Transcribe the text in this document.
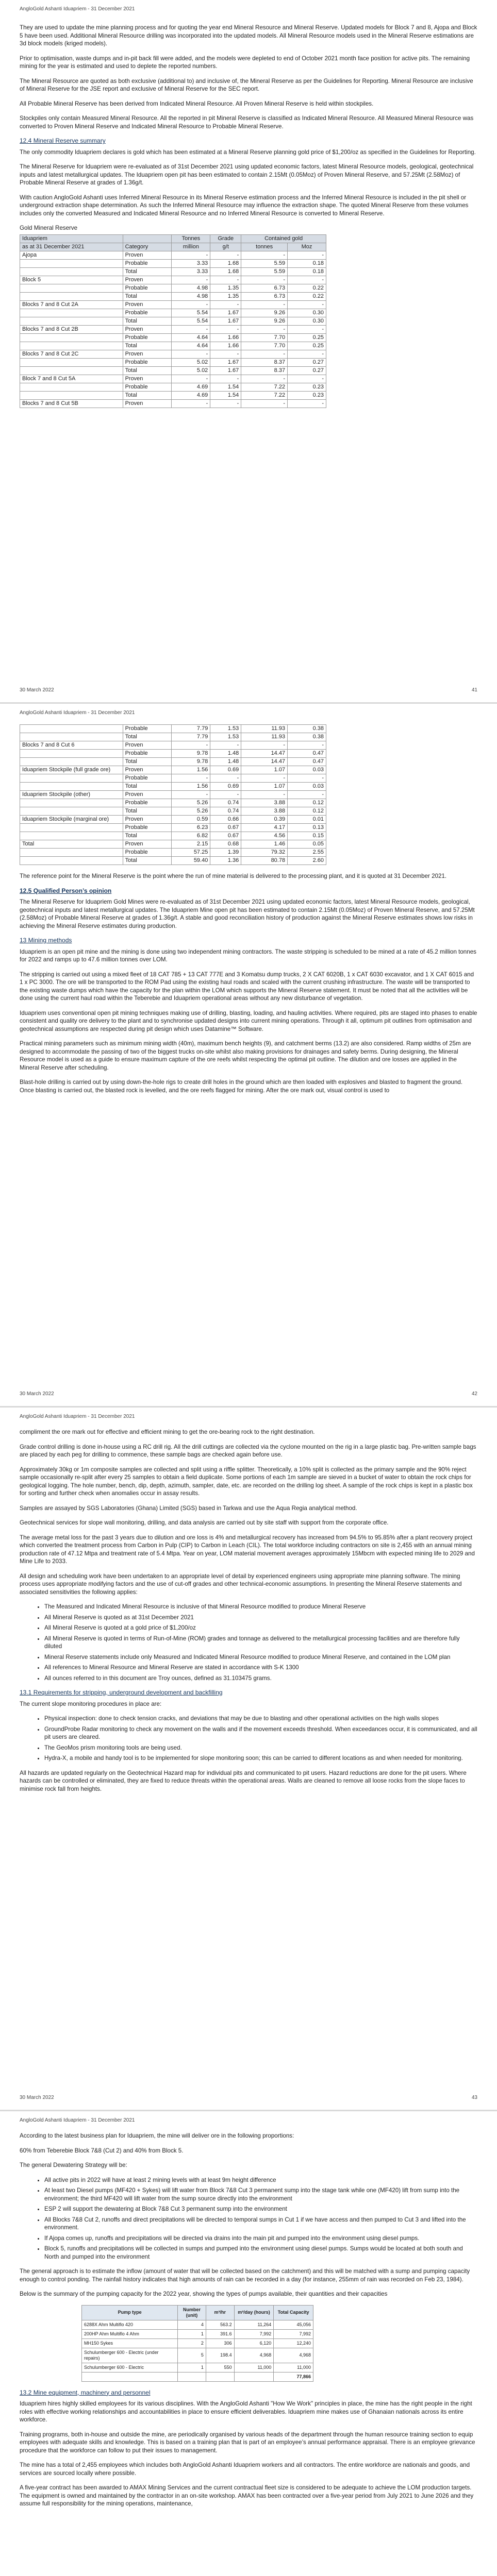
AngloGold Ashanti Iduapriem - 31 December 2021

They are used to update the mine planning process and for quoting the year end Mineral Resource and Mineral Reserve. Updated models for Block 7 and 8, Ajopa and Block 5 have been used. Additional Mineral Resource drilling was incorporated into the updated models. All Mineral Resource models used in the Mineral Reserve estimations are 3d block models (kriged models).

Prior to optimisation, waste dumps and in-pit back fill were added, and the models were depleted to end of October 2021 month face position for active pits. The remaining mining for the year is estimated and used to deplete the reported numbers.

The Mineral Resource are quoted as both exclusive (additional to) and inclusive of, the Mineral Reserve as per the Guidelines for Reporting. Mineral Resource are inclusive of Mineral Reserve for the JSE report and exclusive of Mineral Reserve for the SEC report.

All Probable Mineral Reserve has been derived from Indicated Mineral Resource. All Proven Mineral Reserve is held within stockpiles.

Stockpiles only contain Measured Mineral Resource. All the reported in pit Mineral Reserve is classified as Indicated Mineral Resource. All Measured Mineral Resource was converted to Proven Mineral Reserve and Indicated Mineral Resource to Probable Mineral Reserve.

12.4 Mineral Reserve summary

The only commodity Iduapriem declares is gold which has been estimated at a Mineral Reserve planning gold price of $1,200/oz as specified in the Guidelines for Reporting.

The Mineral Reserve for Iduapriem were re-evaluated as of 31st December 2021 using updated economic factors, latest Mineral Resource models, geological, geotechnical inputs and latest metallurgical updates. The Iduapriem open pit has been estimated to contain 2.15Mt (0.05Moz) of Proven Mineral Reserve, and 57.25Mt (2.58Moz) of Probable Mineral Reserve at grades of 1.36g/t.

With caution AngloGold Ashanti uses Inferred Mineral Resource in its Mineral Reserve estimation process and the Inferred Mineral Resource is included in the pit shell or underground extraction shape determination. As such the Inferred Mineral Resource may influence the extraction shape. The quoted Mineral Reserve from these volumes includes only the converted Measured and Indicated Mineral Resource and no Inferred Mineral Resource is converted to Mineral Reserve.

Gold Mineral Reserve

Iduapriem		Tonnes	Grade	Contained gold	
as at 31 December 2021	Category	million	g/t	tonnes	Moz
Ajopa	Proven	-	-	-	-
	Probable	3.33	1.68	5.59	0.18
	Total	3.33	1.68	5.59	0.18
Block 5	Proven	-	-	-	-
	Probable	4.98	1.35	6.73	0.22
	Total	4.98	1.35	6.73	0.22
Blocks 7 and 8 Cut 2A	Proven	-	-	-	-
	Probable	5.54	1.67	9.26	0.30
	Total	5.54	1.67	9.26	0.30
Blocks 7 and 8 Cut 2B	Proven	-	-	-	-
	Probable	4.64	1.66	7.70	0.25
	Total	4.64	1.66	7.70	0.25
Blocks 7 and 8 Cut 2C	Proven	-	-	-	-
	Probable	5.02	1.67	8.37	0.27
	Total	5.02	1.67	8.37	0.27
Block 7 and 8 Cut 5A	Proven	-	-	-	-
	Probable	4.69	1.54	7.22	0.23
	Total	4.69	1.54	7.22	0.23
Blocks 7 and 8 Cut 5B	Proven	-	-	-	-
30 March 2022	41
AngloGold Ashanti Iduapriem - 31 December 2021
	Probable	7.79	1.53	11.93	0.38
	Total	7.79	1.53	11.93	0.38
Blocks 7 and 8 Cut 6	Proven	-	-	-	-
	Probable	9.78	1.48	14.47	0.47
	Total	9.78	1.48	14.47	0.47
Iduapriem Stockpile (full grade ore)	Proven	1.56	0.69	1.07	0.03
	Probable	-	-	-	-
	Total	1.56	0.69	1.07	0.03
Iduapriem Stockpile (other)	Proven	-	-	-	-
	Probable	5.26	0.74	3.88	0.12
	Total	5.26	0.74	3.88	0.12
Iduapriem Stockpile (marginal ore)	Proven	0.59	0.66	0.39	0.01
	Probable	6.23	0.67	4.17	0.13
	Total	6.82	0.67	4.56	0.15
Total	Proven	2.15	0.68	1.46	0.05
	Probable	57.25	1.39	79.32	2.55
	Total	59.40	1.36	80.78	2.60

The reference point for the Mineral Reserve is the point where the run of mine material is delivered to the processing plant, and it is quoted at 31 December 2021.

12.5 Qualified Person’s opinion

The Mineral Reserve for Iduapriem Gold Mines were re-evaluated as of 31st December 2021 using updated economic factors, latest Mineral Resource models, geological, geotechnical inputs and latest metallurgical updates. The Iduapriem Mine open pit has been estimated to contain 2.15Mt (0.05Moz) of Proven Mineral Reserve, and 57.25Mt (2.58Moz) of Probable Mineral Reserve at grades of 1.36g/t. A stable and good reconciliation history of production against the Mineral Reserve estimates shows low risks in achieving the Mineral Reserve estimates during production.

13 Mining methods

Iduapriem is an open pit mine and the mining is done using two independent mining contractors. The waste stripping is scheduled to be mined at a rate of 45.2 million tonnes for 2022 and ramps up to 47.6 million tonnes over LOM.

The stripping is carried out using a mixed fleet of 18 CAT 785 + 13 CAT 777E and 3 Komatsu dump trucks, 2 X CAT 6020B, 1 x CAT 6030 excavator, and 1 X CAT 6015 and 1 x PC 3000. The ore will be transported to the ROM Pad using the existing haul roads and scaled with the current crushing infrastructure. The waste will be transported to the existing waste dumps which have the capacity for the plan within the LOM which supports the Mineral Reserve statement. It must be noted that all the activities will be done using the current haul road within the Teberebie and Iduapriem operational areas without any new disturbance of vegetation.

Iduapriem uses conventional open pit mining techniques making use of drilling, blasting, loading, and hauling activities. Where required, pits are staged into phases to enable consistent and quality ore delivery to the plant and to synchronise updated designs into current mining operations. Through it all, optimum pit outlines from optimisation and geotechnical assumptions are respected during pit design which uses Datamine™ Software.

Practical mining parameters such as minimum mining width (40m), maximum bench heights (9), and catchment berms (13.2) are also considered. Ramp widths of 25m are designed to accommodate the passing of two of the biggest trucks on-site whilst also making provisions for drainages and safety berms. During designing, the Mineral Resource model is used as a guide to ensure maximum capture of the ore reefs whilst respecting the optimal pit outline. The dilution and ore losses are applied in the Mineral Reserve after scheduling.

Blast-hole drilling is carried out by using down-the-hole rigs to create drill holes in the ground which are then loaded with explosives and blasted to fragment the ground. Once blasting is carried out, the blasted rock is levelled, and the ore reefs flagged for mining. After the ore mark out, visual control is used to

30 March 2022	42
AngloGold Ashanti Iduapriem - 31 December 2021

compliment the ore mark out for effective and efficient mining to get the ore-bearing rock to the right destination.

Grade control drilling is done in-house using a RC drill rig. All the drill cuttings are collected via the cyclone mounted on the rig in a large plastic bag. Pre-written sample bags are placed by each peg for drilling to commence, these sample bags are checked again before use.

Approximately 30kg or 1m composite samples are collected and split using a riffle splitter. Theoretically, a 10% split is collected as the primary sample and the 90% reject sample occasionally re-split after every 25 samples to obtain a field duplicate. Some portions of each 1m sample are sieved in a bucket of water to obtain the rock chips for geological logging. The hole number, bench, dip, depth, azimuth, sampler, date, etc. are recorded on the drilling log sheet. A sample of the rock chips is kept in a plastic box for sorting and further check when anomalies occur in assay results.

Samples are assayed by SGS Laboratories (Ghana) Limited (SGS) based in Tarkwa and use the Aqua Regia analytical method.

Geotechnical services for slope wall monitoring, drilling, and data analysis are carried out by site staff with support from the corporate office.

The average metal loss for the past 3 years due to dilution and ore loss is 4% and metallurgical recovery has increased from 94.5% to 95.85% after a plant recovery project which converted the treatment process from Carbon in Pulp (CIP) to Carbon in Leach (CIL). The total workforce including contractors on site is 2,455 with an annual mining production rate of 47.12 Mtpa and treatment rate of 5.4 Mtpa. Year on year, LOM material movement averages approximately 15Mbcm with expected mining life to 2029 and Mine Life to 2033.

All design and scheduling work have been undertaken to an appropriate level of detail by experienced engineers using appropriate mine planning software. The mining process uses appropriate modifying factors and the use of cut-off grades and other technical-economic assumptions. In presenting the Mineral Reserve statements and associated sensitivities the following applies:

• The Measured and Indicated Mineral Resource is inclusive of that Mineral Resource modified to produce Mineral Reserve
• All Mineral Reserve is quoted as at 31st December 2021
• All Mineral Reserve is quoted at a gold price of $1,200/oz
• All Mineral Reserve is quoted in terms of Run-of-Mine (ROM) grades and tonnage as delivered to the metallurgical processing facilities and are therefore fully diluted
• Mineral Reserve statements include only Measured and Indicated Mineral Resource modified to produce Mineral Reserve, and contained in the LOM plan
• All references to Mineral Resource and Mineral Reserve are stated in accordance with S-K 1300
• All ounces referred to in this document are Troy ounces, defined as 31.103475 grams.
13.1 Requirements for stripping, underground development and backfilling

The current slope monitoring procedures in place are:

• Physical inspection: done to check tension cracks, and deviations that may be due to blasting and other operational activities on the high walls slopes
• GroundProbe Radar monitoring to check any movement on the walls and if the movement exceeds threshold. When exceedances occur, it is communicated, and all pit users are cleared.
• The GeoMos prism monitoring tools are being used.
• Hydra-X, a mobile and handy tool is to be implemented for slope monitoring soon; this can be carried to different locations as and when needed for monitoring.

All hazards are updated regularly on the Geotechnical Hazard map for individual pits and communicated to pit users. Hazard reductions are done for the pit users. Where hazards can be controlled or eliminated, they are fixed to reduce threats within the operational areas. Walls are cleaned to remove all loose rocks from the slope faces to minimise rock fall from heights.

30 March 2022	43
AngloGold Ashanti Iduapriem - 31 December 2021

According to the latest business plan for Iduapriem, the mine will deliver ore in the following proportions:

60% from Teberebie Block 7&8 (Cut 2) and 40% from Block 5.

The general Dewatering Strategy will be:

• All active pits in 2022 will have at least 2 mining levels with at least 9m height difference
• At least two Diesel pumps (MF420 + Sykes) will lift water from Block 7&8 Cut 3 permanent sump into the stage tank while one (MF420) lift from sump into the environment; the third MF420 will lift water from the sump source directly into the environment
• ESP 2 will support the dewatering at Block 7&8 Cut 3 permanent sump into the environment
• All Blocks 7&8 Cut 2, runoffs and direct precipitations will be directed to temporal sumps in Cut 1 if we have access and then pumped to Cut 3 and lifted into the environment.
• If Ajopa comes up, runoffs and precipitations will be directed via drains into the main pit and pumped into the environment using diesel pumps.
• Block 5, runoffs and precipitations will be collected in sumps and pumped into the environment using diesel pumps. Sumps would be located at both south and North and pumped into the environment

The general approach is to estimate the inflow (amount of water that will be collected based on the catchment) and this will be matched with a sump and pumping capacity enough to control ponding. The rainfall history indicates that high amounts of rain can be recorded in a day (for instance, 255mm of rain was recorded on Feb 23, 1984).

Below is the summary of the pumping capacity for the 2022 year, showing the types of pumps available, their quantities and their capacities

Pump type	Number (unit)	m³/hr	m³/day (hours)	Total Capacity
6288X Ahm Multiflo 420	4	563.2	11,264	45,056
200HP Ahm Multiflo 4 Ahm	1	391.6	7,992	7,992
MH150 Sykes	2	306	6,120	12,240
Schulumberger 600 - Electric (under repairs)	5	198.4	4,968	4,968
Schulumberger 600 - Electric	1	550	11,000	11,000
				77,866
13.2 Mine equipment, machinery and personnel

Iduapriem hires highly skilled employees for its various disciplines. With the AngloGold Ashanti "How We Work" principles in place, the mine has the right people in the right roles with effective working relationships and accountabilities in place to ensure efficient deliverables. Iduapriem mine makes use of Ghanaian nationals across its entire workforce.

Training programs, both in-house and outside the mine, are periodically organised by various heads of the department through the human resource training section to equip employees with adequate skills and knowledge. This is based on a training plan that is part of an employee’s annual performance appraisal. There is an employee grievance procedure that the workforce can follow to put their issues to management.

The mine has a total of 2,455 employees which includes both AngloGold Ashanti Iduapriem workers and all contractors. The entire workforce are nationals and goods, and services are sourced locally where possible.

A five-year contract has been awarded to AMAX Mining Services and the current contractual fleet size is considered to be adequate to achieve the LOM production targets. The equipment is owned and maintained by the contractor in an on-site workshop. AMAX has been contracted over a five-year period from July 2021 to June 2026 and they assume full responsibility for the mining operations, maintenance,
